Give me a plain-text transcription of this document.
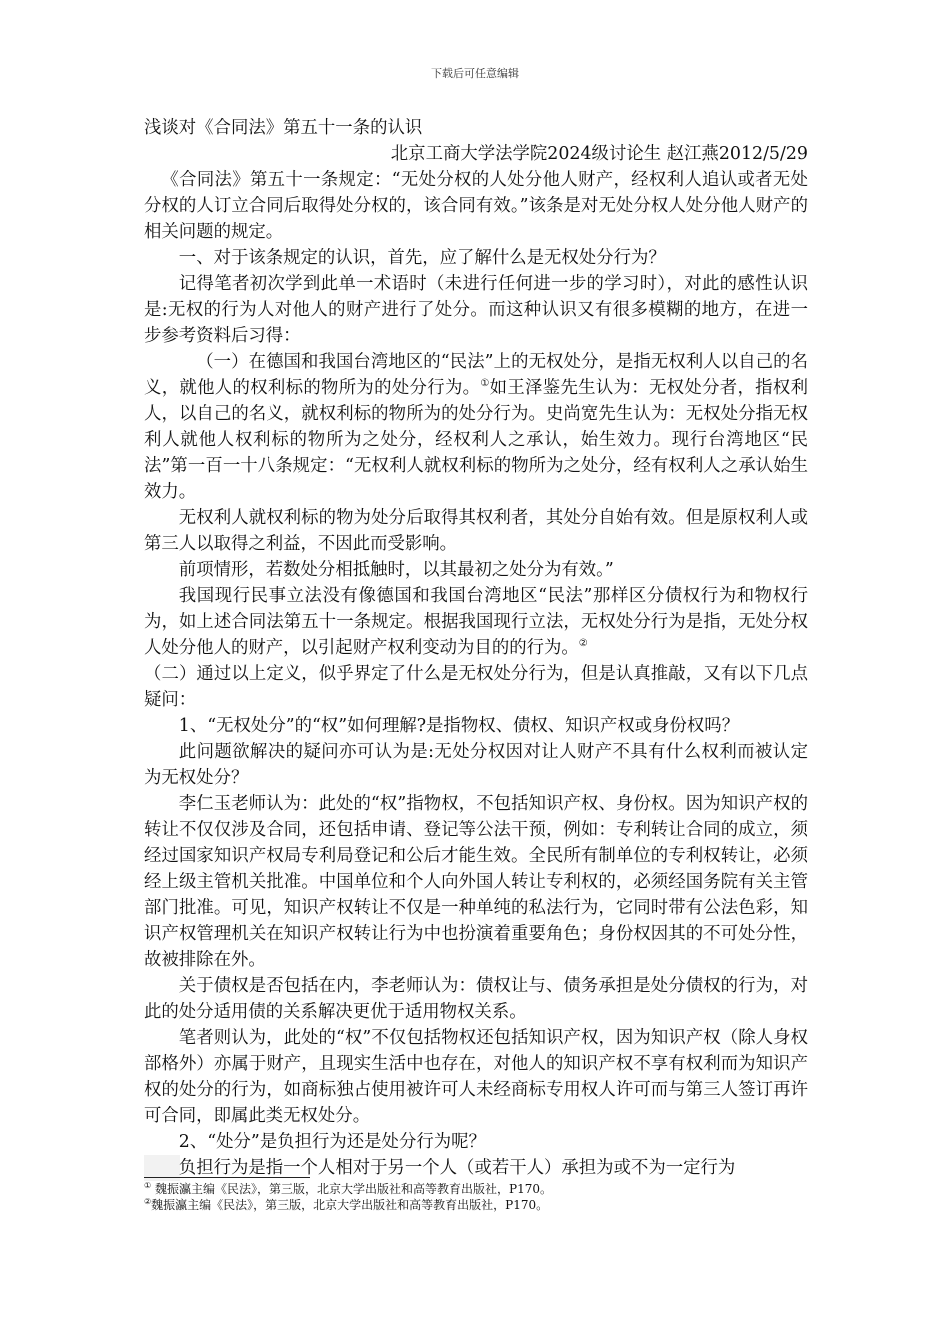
下载后可任意编辑

浅谈对《合同法》第五十一条的认识

北京工商大学法学院2024级讨论生 赵江燕2012/5/29

《合同法》第五十一条规定：“无处分权的人处分他人财产，经权利人追认或者无处分权的人订立合同后取得处分权的，该合同有效。”该条是对无处分权人处分他人财产的相关问题的规定。

一、对于该条规定的认识，首先，应了解什么是无权处分行为？

记得笔者初次学到此单一术语时（未进行任何进一步的学习时），对此的感性认识是:无权的行为人对他人的财产进行了处分。而这种认识又有很多模糊的地方，在进一步参考资料后习得：

（一）在德国和我国台湾地区的“民法”上的无权处分，是指无权利人以自己的名义，就他人的权利标的物所为的处分行为。①如王泽鉴先生认为：无权处分者，指权利人，以自己的名义，就权利标的物所为的处分行为。史尚宽先生认为：无权处分指无权利人就他人权利标的物所为之处分，经权利人之承认，始生效力。现行台湾地区“民法”第一百一十八条规定：“无权利人就权利标的物所为之处分，经有权利人之承认始生效力。

无权利人就权利标的物为处分后取得其权利者，其处分自始有效。但是原权利人或第三人以取得之利益，不因此而受影响。

前项情形，若数处分相抵触时，以其最初之处分为有效。”

我国现行民事立法没有像德国和我国台湾地区“民法”那样区分债权行为和物权行为，如上述合同法第五十一条规定。根据我国现行立法，无权处分行为是指，无处分权人处分他人的财产，以引起财产权利变动为目的的行为。②

（二）通过以上定义，似乎界定了什么是无权处分行为，但是认真推敲，又有以下几点疑问：

1、“无权处分”的“权”如何理解?是指物权、债权、知识产权或身份权吗？

此问题欲解决的疑问亦可认为是:无处分权因对让人财产不具有什么权利而被认定为无权处分？

李仁玉老师认为：此处的“权”指物权，不包括知识产权、身份权。因为知识产权的转让不仅仅涉及合同，还包括申请、登记等公法干预，例如：专利转让合同的成立，须经过国家知识产权局专利局登记和公后才能生效。全民所有制单位的专利权转让，必须经上级主管机关批准。中国单位和个人向外国人转让专利权的，必须经国务院有关主管部门批准。可见，知识产权转让不仅是一种单纯的私法行为，它同时带有公法色彩，知识产权管理机关在知识产权转让行为中也扮演着重要角色；身份权因其的不可处分性，故被排除在外。

关于债权是否包括在内，李老师认为：债权让与、债务承担是处分债权的行为，对此的处分适用债的关系解决更优于适用物权关系。

笔者则认为，此处的“权”不仅包括物权还包括知识产权，因为知识产权（除人身权部格外）亦属于财产，且现实生活中也存在，对他人的知识产权不享有权利而为知识产权的处分的行为，如商标独占使用被许可人未经商标专用权人许可而与第三人签订再许可合同，即属此类无权处分。

2、“处分”是负担行为还是处分行为呢？

负担行为是指一个人相对于另一个人（或若干人）承担为或不为一定行为

① 魏振瀛主编《民法》，第三版，北京大学出版社和高等教育出版社，P170。

②魏振瀛主编《民法》，第三版，北京大学出版社和高等教育出版社，P170。
